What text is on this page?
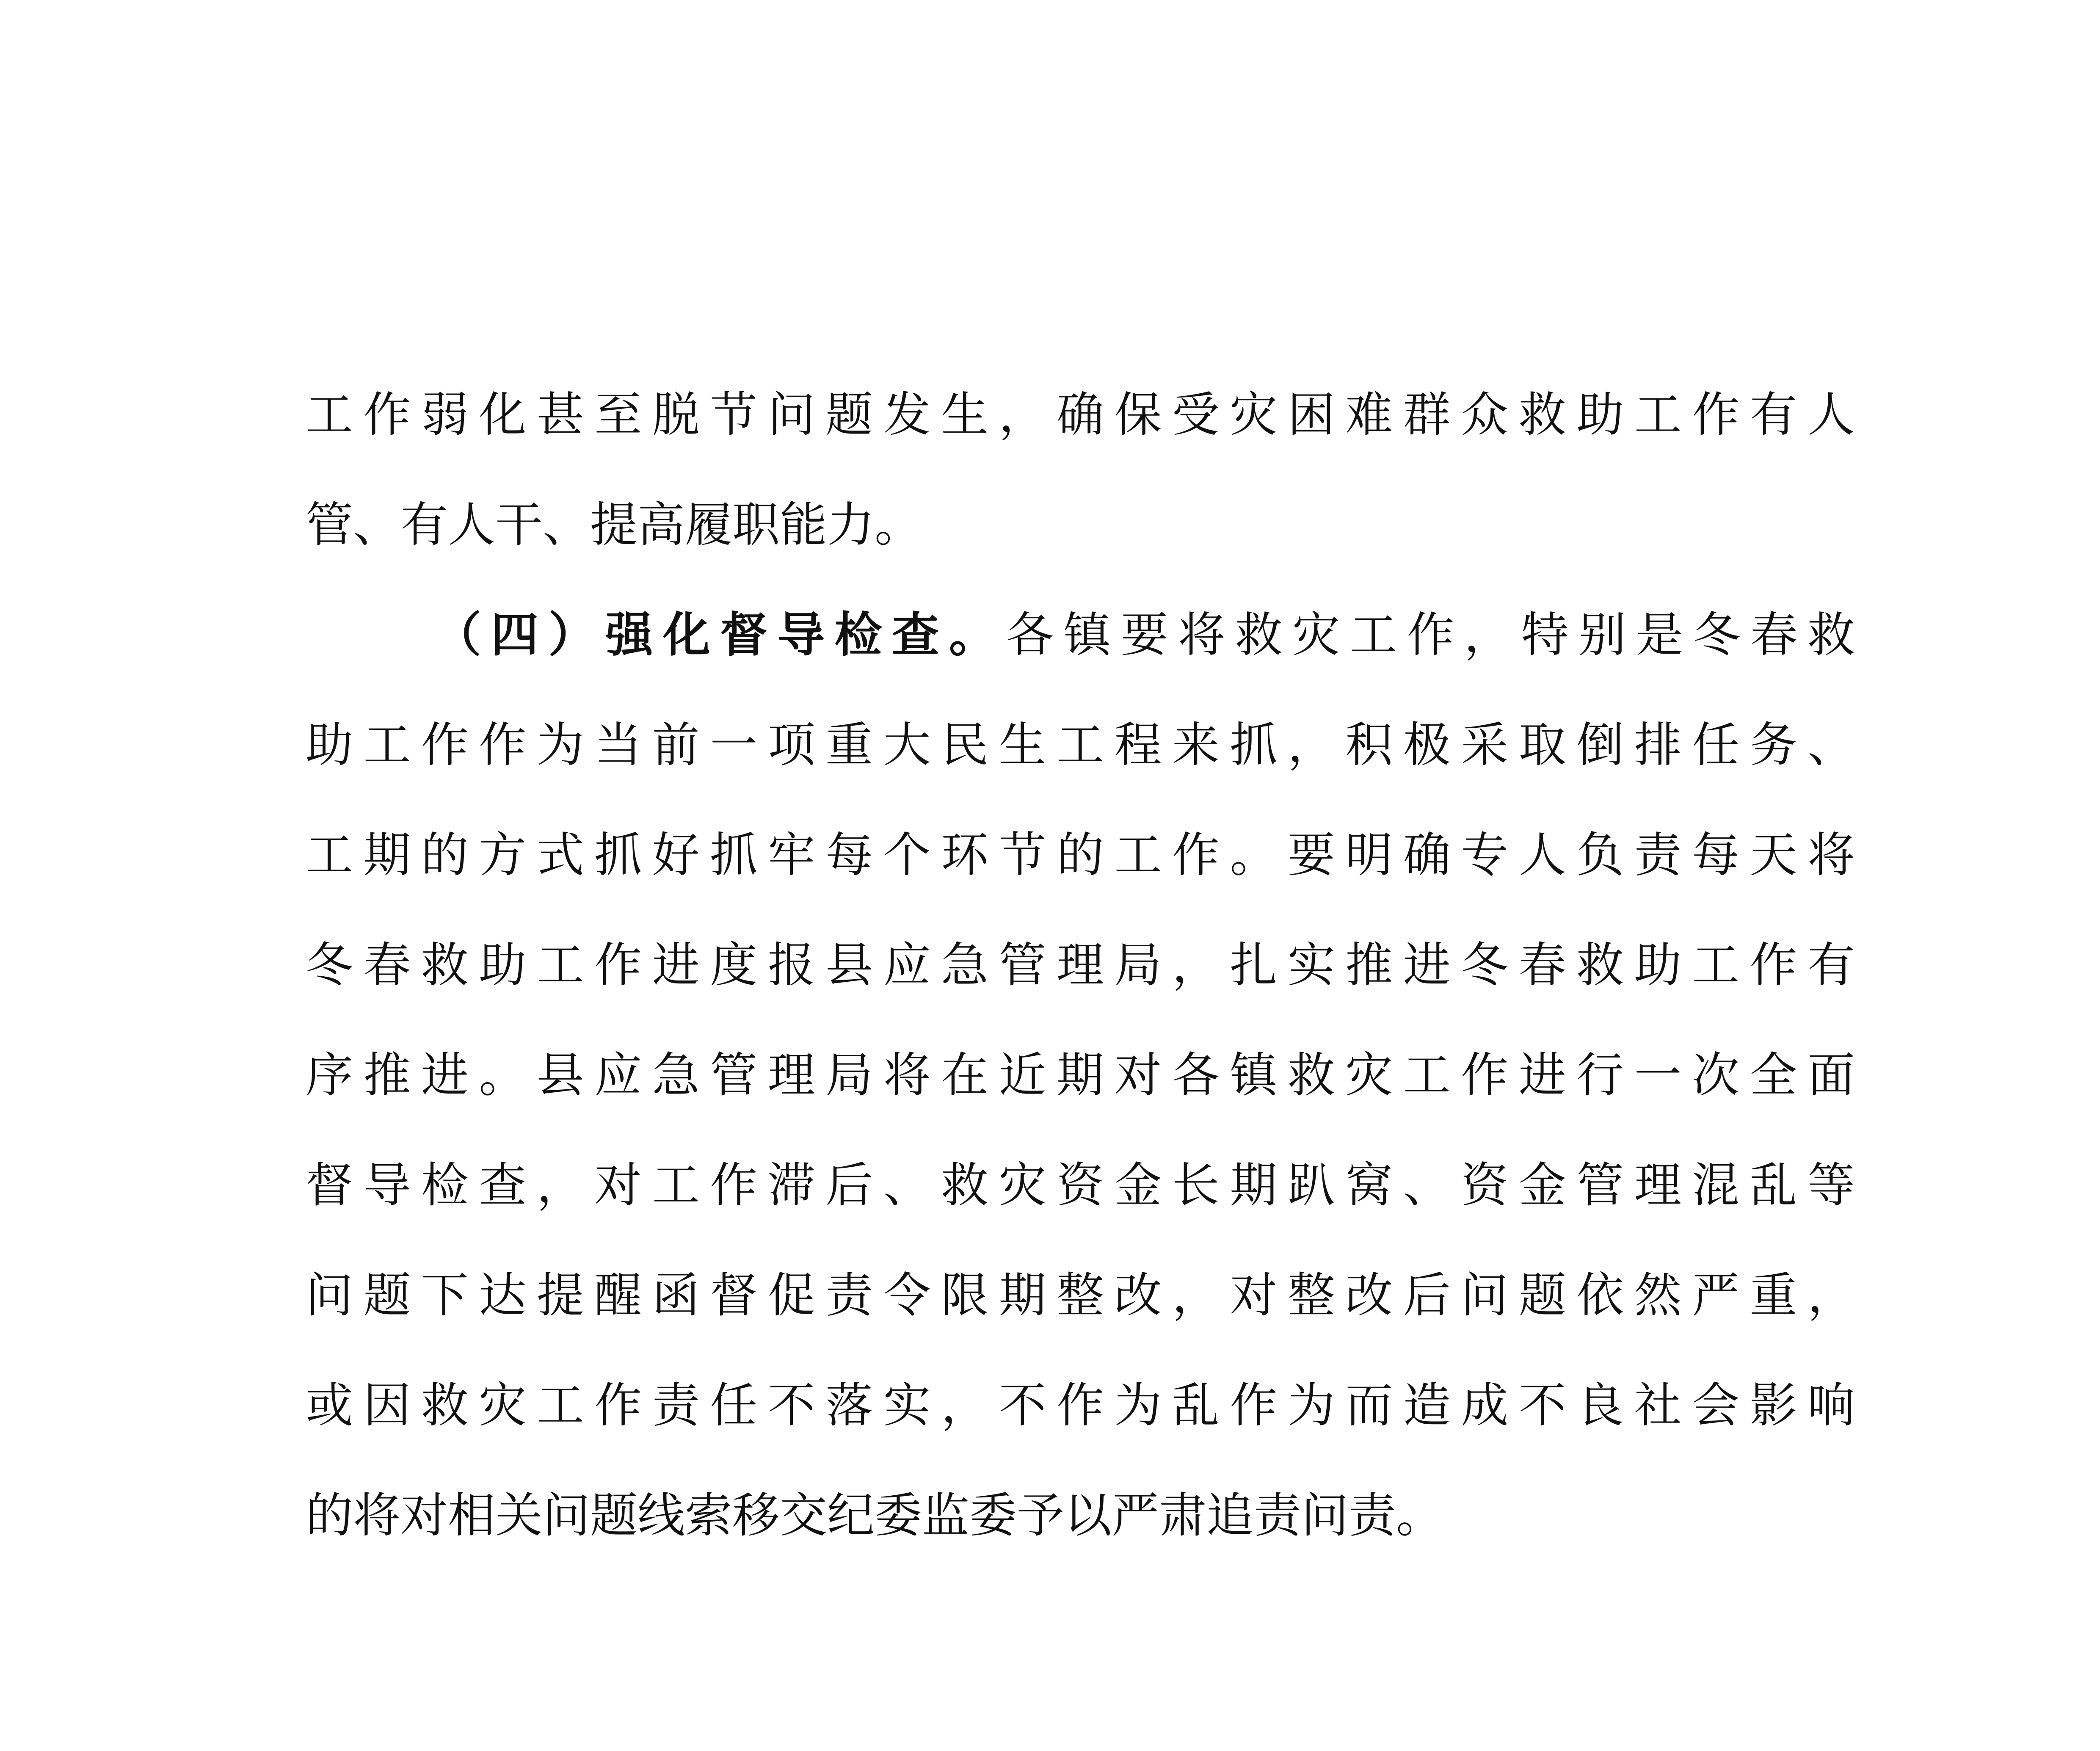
工作弱化甚至脱节问题发生，确保受灾困难群众救助工作有人
管、有人干、提高履职能力。
（四）强化督导检查。各镇要将救灾工作，特别是冬春救
助工作作为当前一项重大民生工程来抓，积极采取倒排任务、
工期的方式抓好抓牢每个环节的工作。要明确专人负责每天将
冬春救助工作进度报县应急管理局，扎实推进冬春救助工作有
序推进。县应急管理局将在近期对各镇救灾工作进行一次全面
督导检查，对工作滞后、救灾资金长期趴窝、资金管理混乱等
问题下达提醒函督促责令限期整改，对整改后问题依然严重，
或因救灾工作责任不落实，不作为乱作为而造成不良社会影响
的将对相关问题线索移交纪委监委予以严肃追责问责。
